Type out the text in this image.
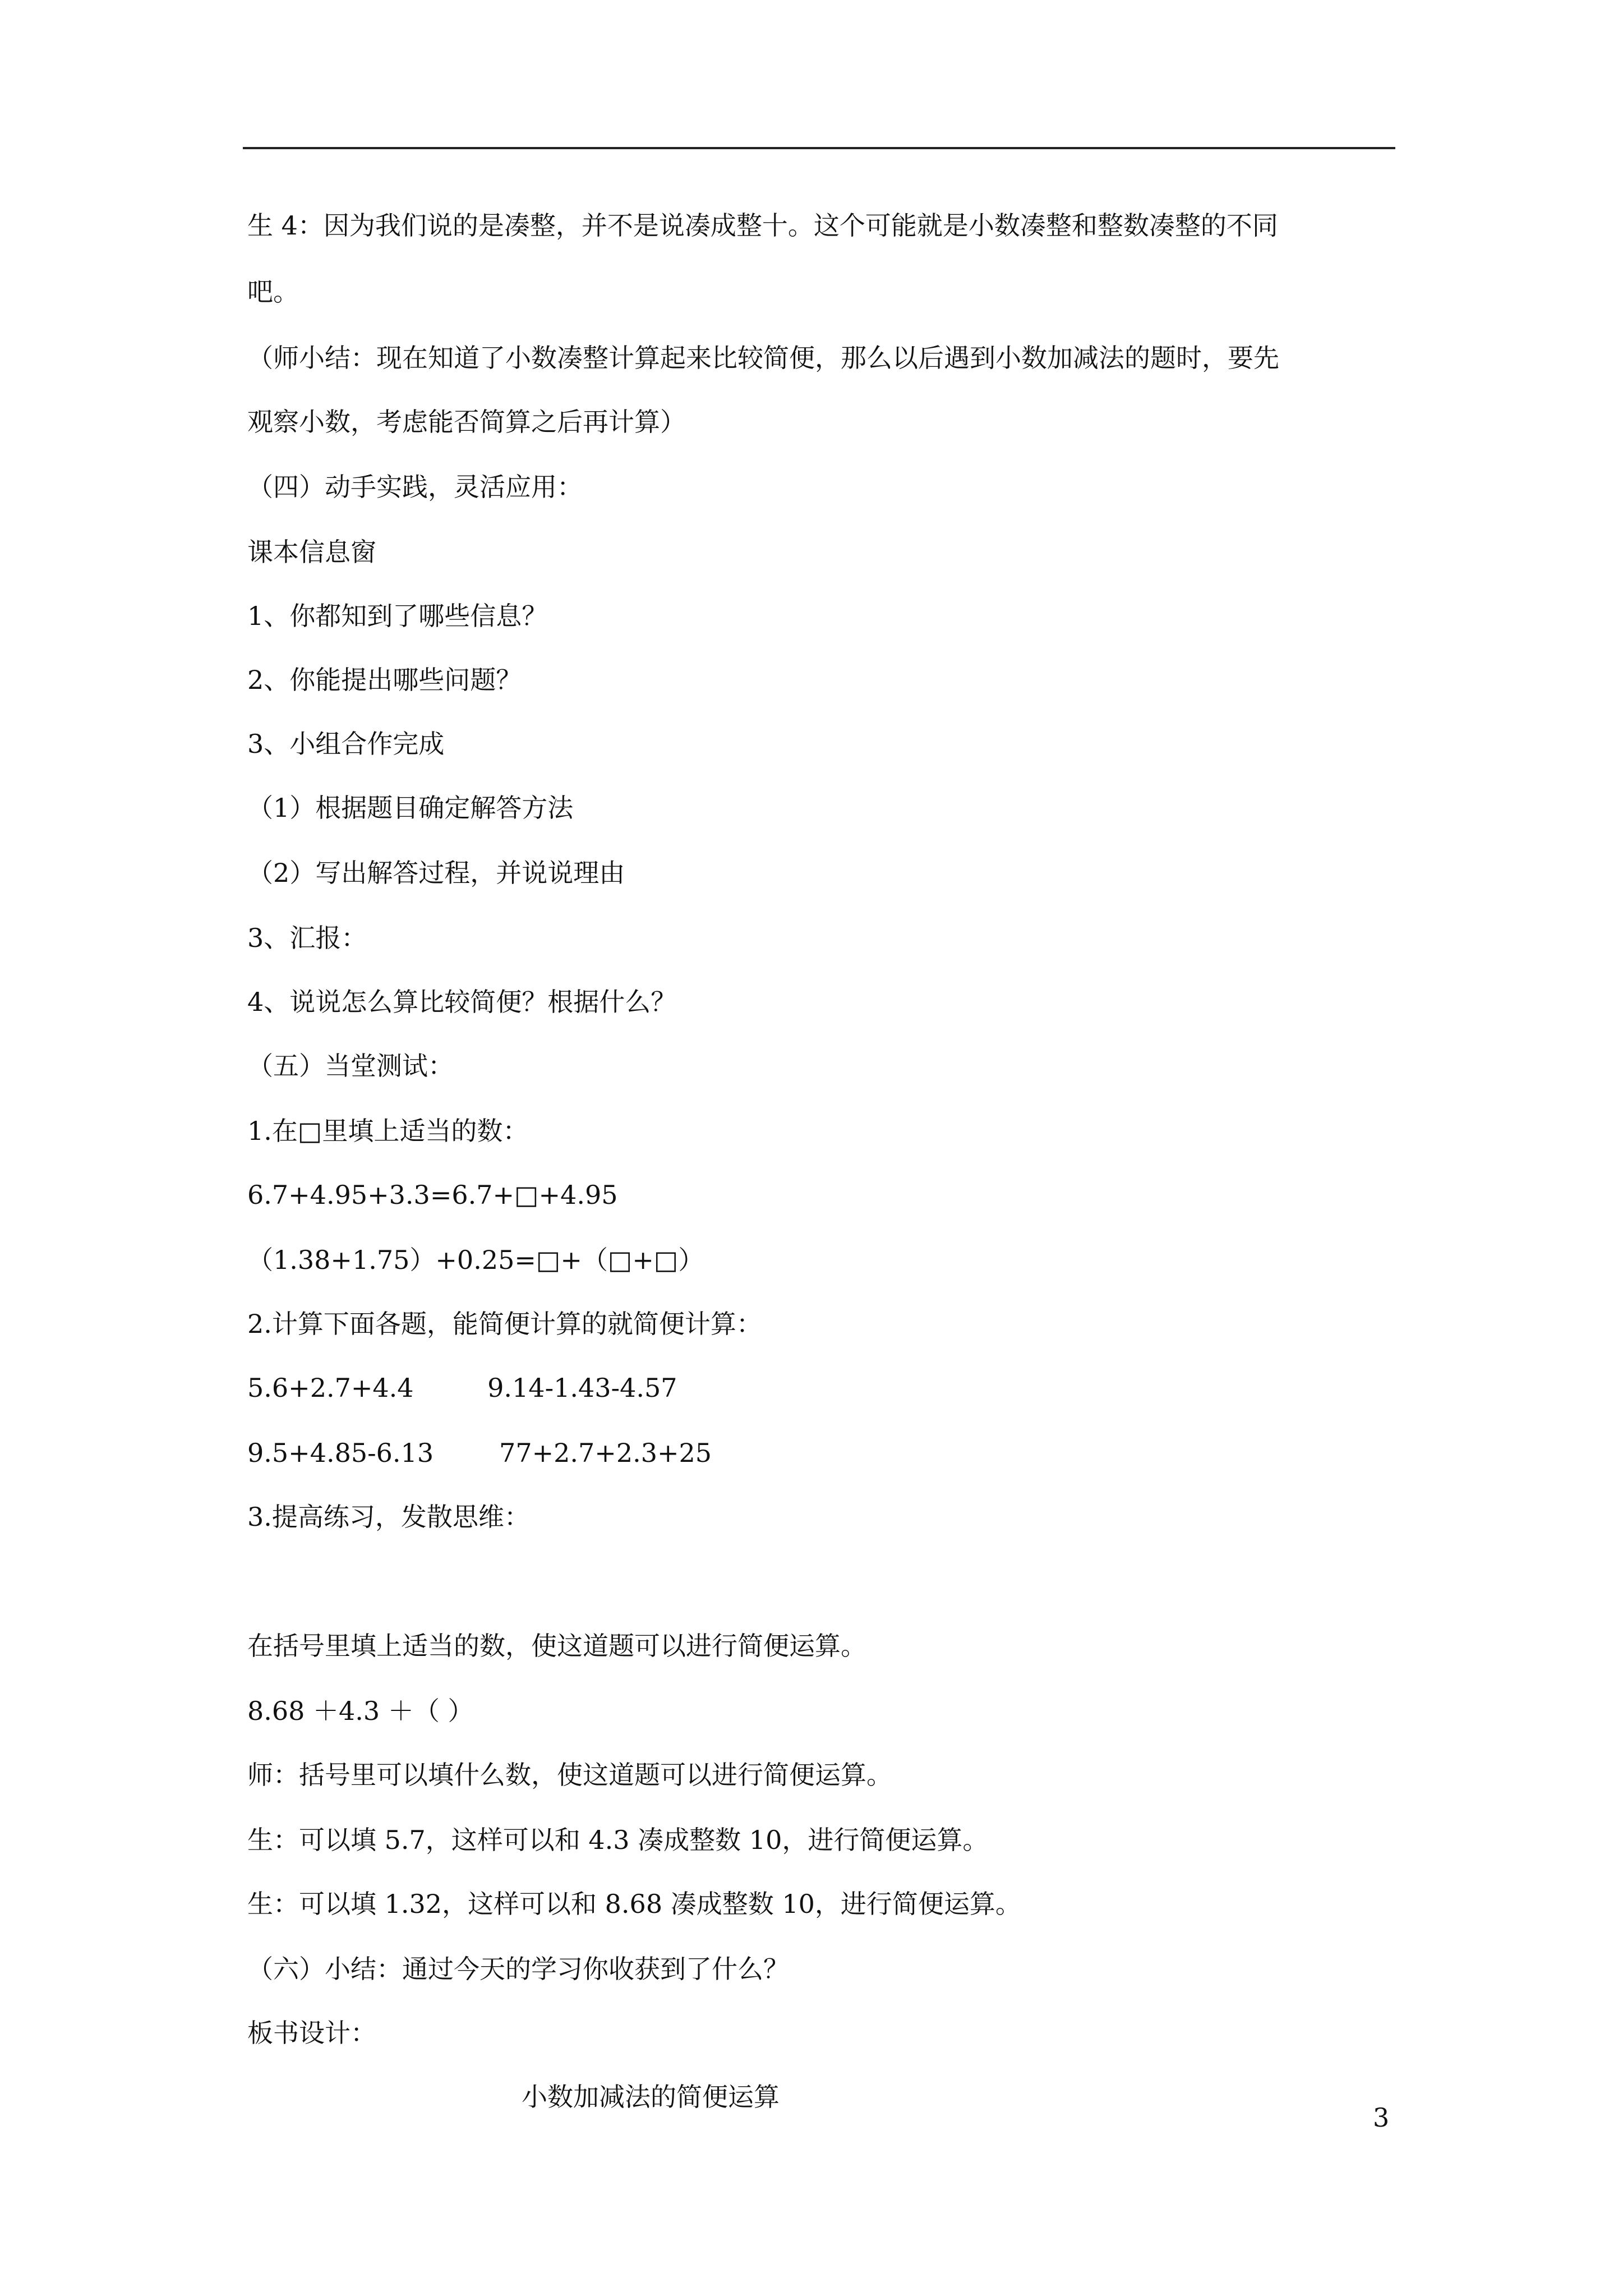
生 4：因为我们说的是凑整，并不是说凑成整十。这个可能就是小数凑整和整数凑整的不同
吧。
（师小结：现在知道了小数凑整计算起来比较简便，那么以后遇到小数加减法的题时，要先
观察小数，考虑能否简算之后再计算）
（四）动手实践，灵活应用：
课本信息窗
1、你都知到了哪些信息？
2、你能提出哪些问题？
3、小组合作完成
（1）根据题目确定解答方法
（2）写出解答过程，并说说理由
3、汇报：
4、说说怎么算比较简便？根据什么？
（五）当堂测试：
1.在□里填上适当的数：
6.7+4.95+3.3=6.7+□+4.95
（1.38+1.75）+0.25=□+（□+□）
2.计算下面各题，能简便计算的就简便计算：
5.6+2.7+4.4         9.14-1.43-4.57
9.5+4.85-6.13        77+2.7+2.3+25
3.提高练习，发散思维：
在括号里填上适当的数，使这道题可以进行简便运算。
8.68 ＋4.3 ＋（ ）
师：括号里可以填什么数，使这道题可以进行简便运算。
生：可以填 5.7，这样可以和 4.3 凑成整数 10，进行简便运算。
生：可以填 1.32，这样可以和 8.68 凑成整数 10，进行简便运算。
（六）小结：通过今天的学习你收获到了什么？
板书设计：
小数加减法的简便运算
3
